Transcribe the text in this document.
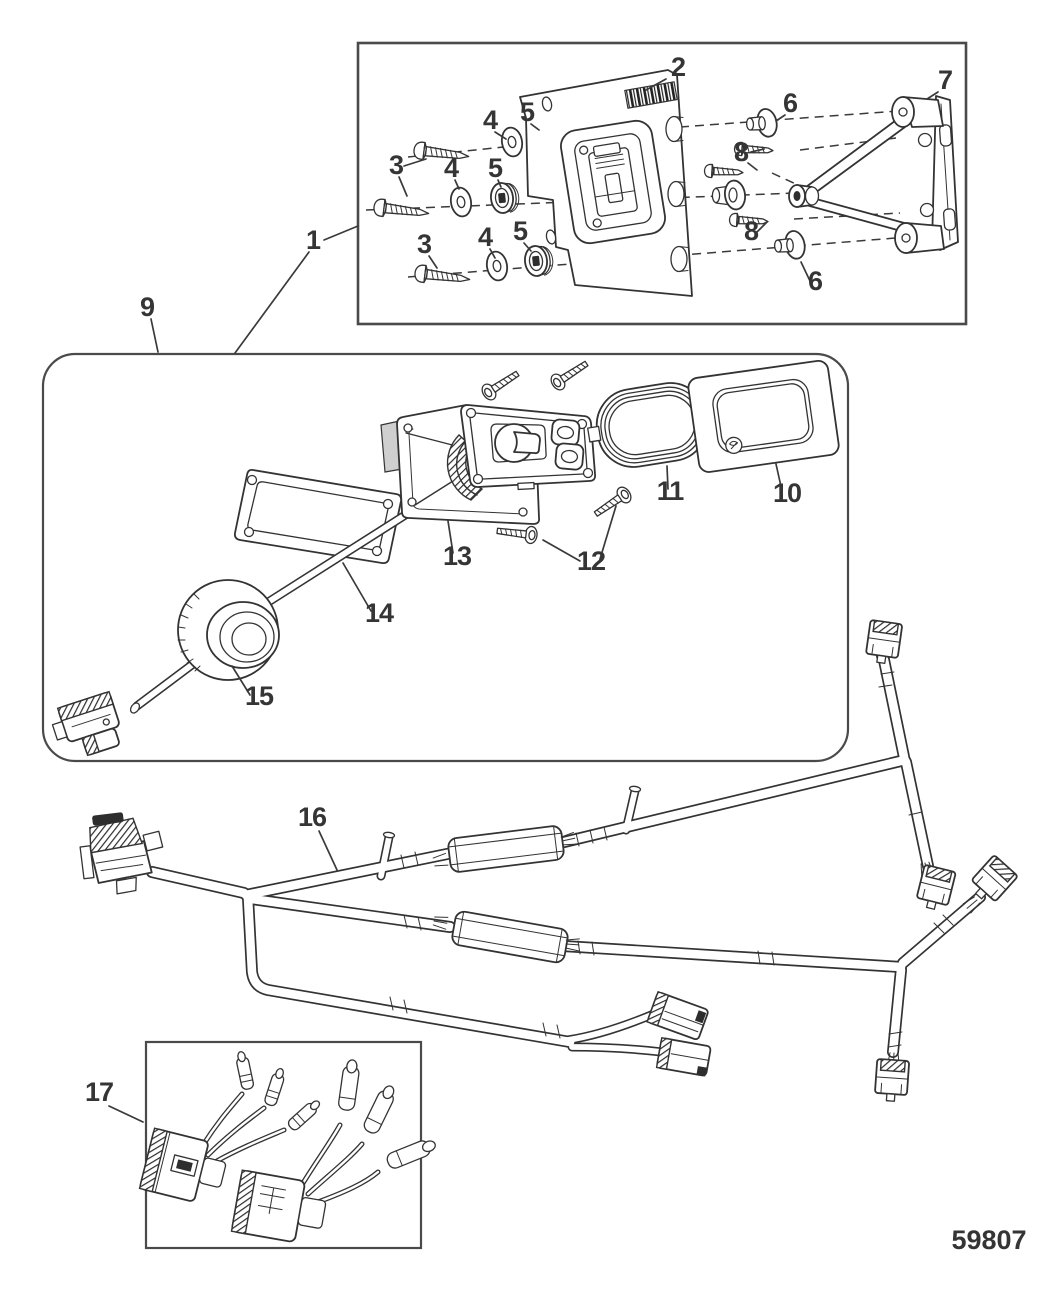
1
2
3
3
4
4
4
5
5
5
6
6
7
8
8
9
10
11
12
13
14
15
16
17
59807
